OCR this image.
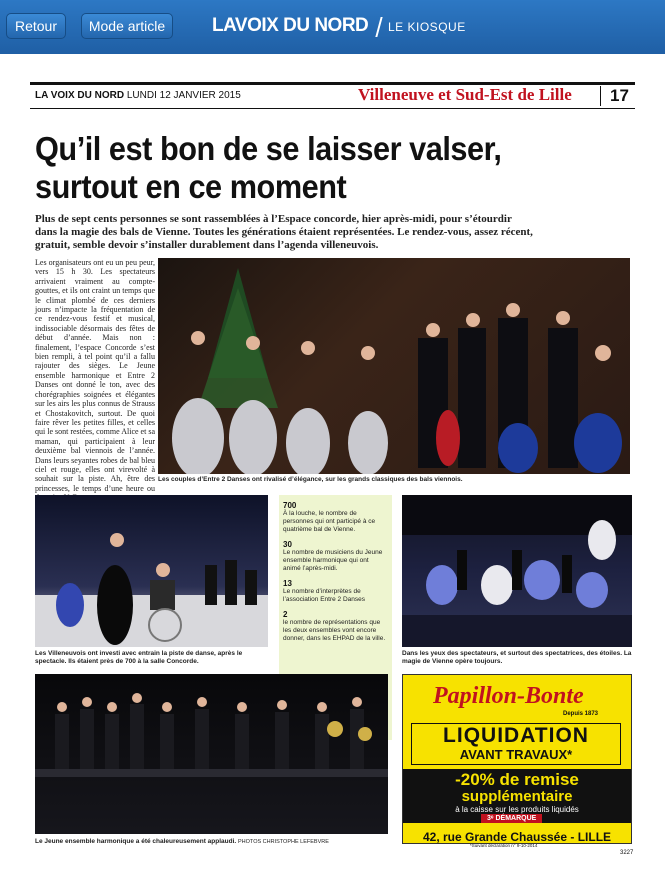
Retour	Mode article	LAVOIX DU NORD LE KIOSQUE
LA VOIX DU NORD LUNDI 12 JANVIER 2015	Villeneuve et Sud-Est de Lille 17
Qu’il est bon de se laisser valser,
surtout en ce moment
Plus de sept cents personnes se sont rassemblées à l’Espace concorde, hier après-midi, pour s’étourdir dans la magie des bals de Vienne. Toutes les générations étaient représentées. Le rendez-vous, assez récent, gratuit, semble devoir s’installer durablement dans l’agenda villeneuvois.
Les organisateurs ont eu un peu peur, vers 15 h 30. Les spectateurs arrivaient vraiment au compte-gouttes, et ils ont craint un temps que le climat plombé de ces derniers jours n’impacte la fréquentation de ce rendez-vous festif et musical, indissociable désormais des fêtes de début d’année. Mais non : finalement, l’espace Concorde s’est bien rempli, à tel point qu’il a fallu rajouter des sièges. Le Jeune ensemble harmonique et Entre 2 Danses ont donné le ton, avec des chorégraphies soignées et élégantes sur les airs les plus connus de Strauss et Chostakovitch, surtout. De quoi faire rêver les petites filles, et celles qui le sont restées, comme Alice et sa maman, qui participaient à leur deuxième bal viennois de l’année. Dans leurs seyantes robes de bal bleu ciel et rouge, elles ont virevolté à souhait sur la piste. Ah, être des princesses, le temps d’une heure ou
Les couples d’Entre 2 Danses ont rivalisé d’élégance, sur les grands classiques des bals viennois.
Les Villeneuvois ont investi avec entrain la piste de danse, après le spectacle. Ils étaient près de 700 à la salle Concorde.
700
À la louche, le nombre de personnes qui ont participé à ce quatrième bal de Vienne.
30
Le nombre de musiciens du Jeune ensemble harmonique qui ont animé l’après-midi.
13
Le nombre d’interprètes de l’association Entre 2 Danses
2
le nombre de représentations que les deux ensembles vont encore donner, dans les EHPAD de la ville.
Dans les yeux des spectateurs, et surtout des spectatrices, des étoiles. La magie de Vienne opère toujours.
Le Jeune ensemble harmonique a été chaleureusement applaudi. PHOTOS CHRISTOPHE LEFEBVRE
Papillon-Bonte
Depuis 1873
LIQUIDATION
AVANT TRAVAUX*
-20% de remise
supplémentaire
à la caisse sur les produits liquidés
3ᵉ DÉMARQUE
42, rue Grande Chaussée - LILLE
*Suivant déclaration n° 9-10-2014
3227
